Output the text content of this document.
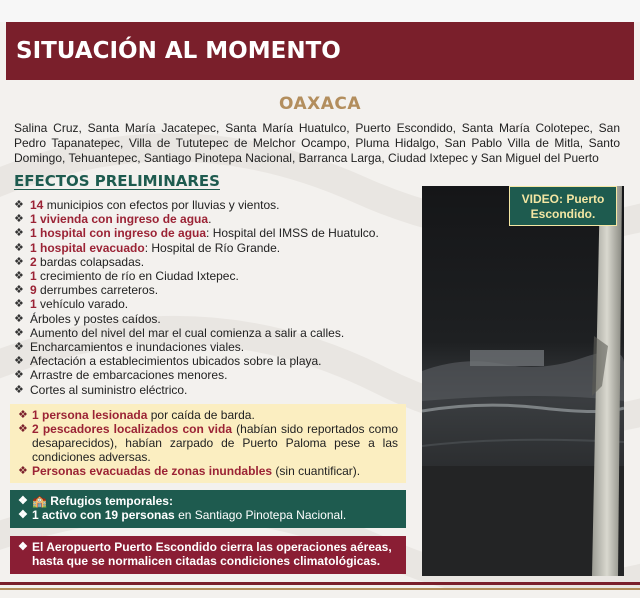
SITUACIÓN AL MOMENTO
OAXACA

Salina Cruz, Santa María Jacatepec, Santa María Huatulco, Puerto Escondido, Santa María Colotepec, San Pedro Tapanatepec, Villa de Tututepec de Melchor Ocampo, Pluma Hidalgo, San Pablo Villa de Mitla, Santo Domingo, Tehuantepec, Santiago Pinotepa Nacional, Barranca Larga, Ciudad Ixtepec y San Miguel del Puerto

EFECTOS PRELIMINARES
❖ 14 municipios con efectos por lluvias y vientos.
❖ 1 vivienda con ingreso de agua.
❖ 1 hospital con ingreso de agua: Hospital del IMSS de Huatulco.
❖ 1 hospital evacuado: Hospital de Río Grande.
❖ 2 bardas colapsadas.
❖ 1 crecimiento de río en Ciudad Ixtepec.
❖ 9 derrumbes carreteros.
❖ 1 vehículo varado.
❖ Árboles y postes caídos.
❖ Aumento del nivel del mar el cual comienza a salir a calles.
❖ Encharcamientos e inundaciones viales.
❖ Afectación a establecimientos ubicados sobre la playa.
❖ Arrastre de embarcaciones menores.
❖ Cortes al suministro eléctrico.
❖ 1 persona lesionada por caída de barda.
❖ 2 pescadores localizados con vida (habían sido reportados como desaparecidos), habían zarpado de Puerto Paloma pese a las condiciones adversas.
❖ Personas evacuadas de zonas inundables (sin cuantificar).
❖ 🏫 Refugios temporales:
❖ 1 activo con 19 personas en Santiago Pinotepa Nacional.
❖ El Aeropuerto Puerto Escondido cierra las operaciones aéreas, hasta que se normalicen citadas condiciones climatológicas.
VIDEO: Puerto Escondido.
